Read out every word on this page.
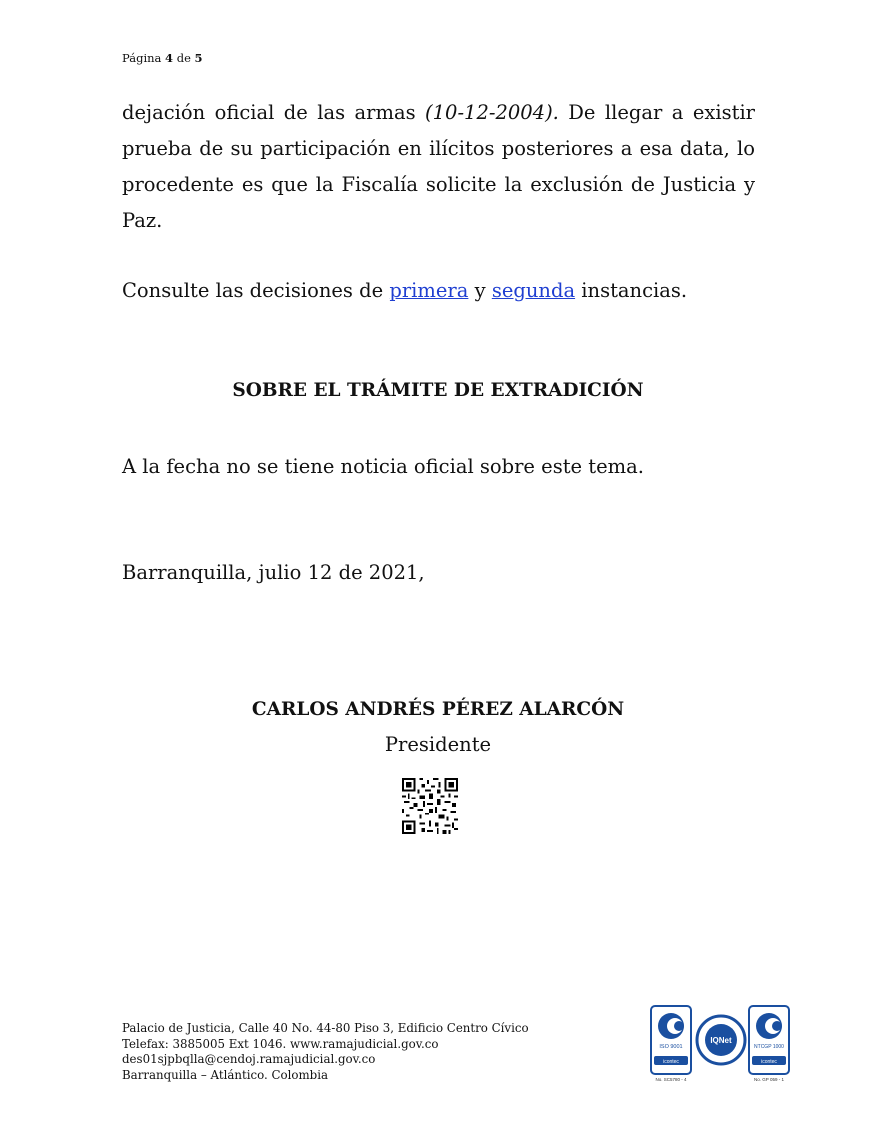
Página 4 de 5
dejación oficial de las armas (10-12-2004). De llegar a existir prueba de su participación en ilícitos posteriores a esa data, lo procedente es que la Fiscalía solicite la exclusión de Justicia y Paz.
Consulte las decisiones de primera y segunda instancias.
SOBRE EL TRÁMITE DE EXTRADICIÓN
A la fecha no se tiene noticia oficial sobre este tema.
Barranquilla, julio 12 de 2021,
CARLOS ANDRÉS PÉREZ ALARCÓN
Presidente
Palacio de Justicia, Calle 40 No. 44-80 Piso 3, Edificio Centro Cívico
Telefax: 3885005 Ext 1046. www.ramajudicial.gov.co
des01sjpbqlla@cendoj.ramajudicial.gov.co
Barranquilla – Atlántico. Colombia
ISO 9001
icontec
No. SC5780 - 4
IQNet
NTCGP 1000
icontec
No. GP 059 - 1
